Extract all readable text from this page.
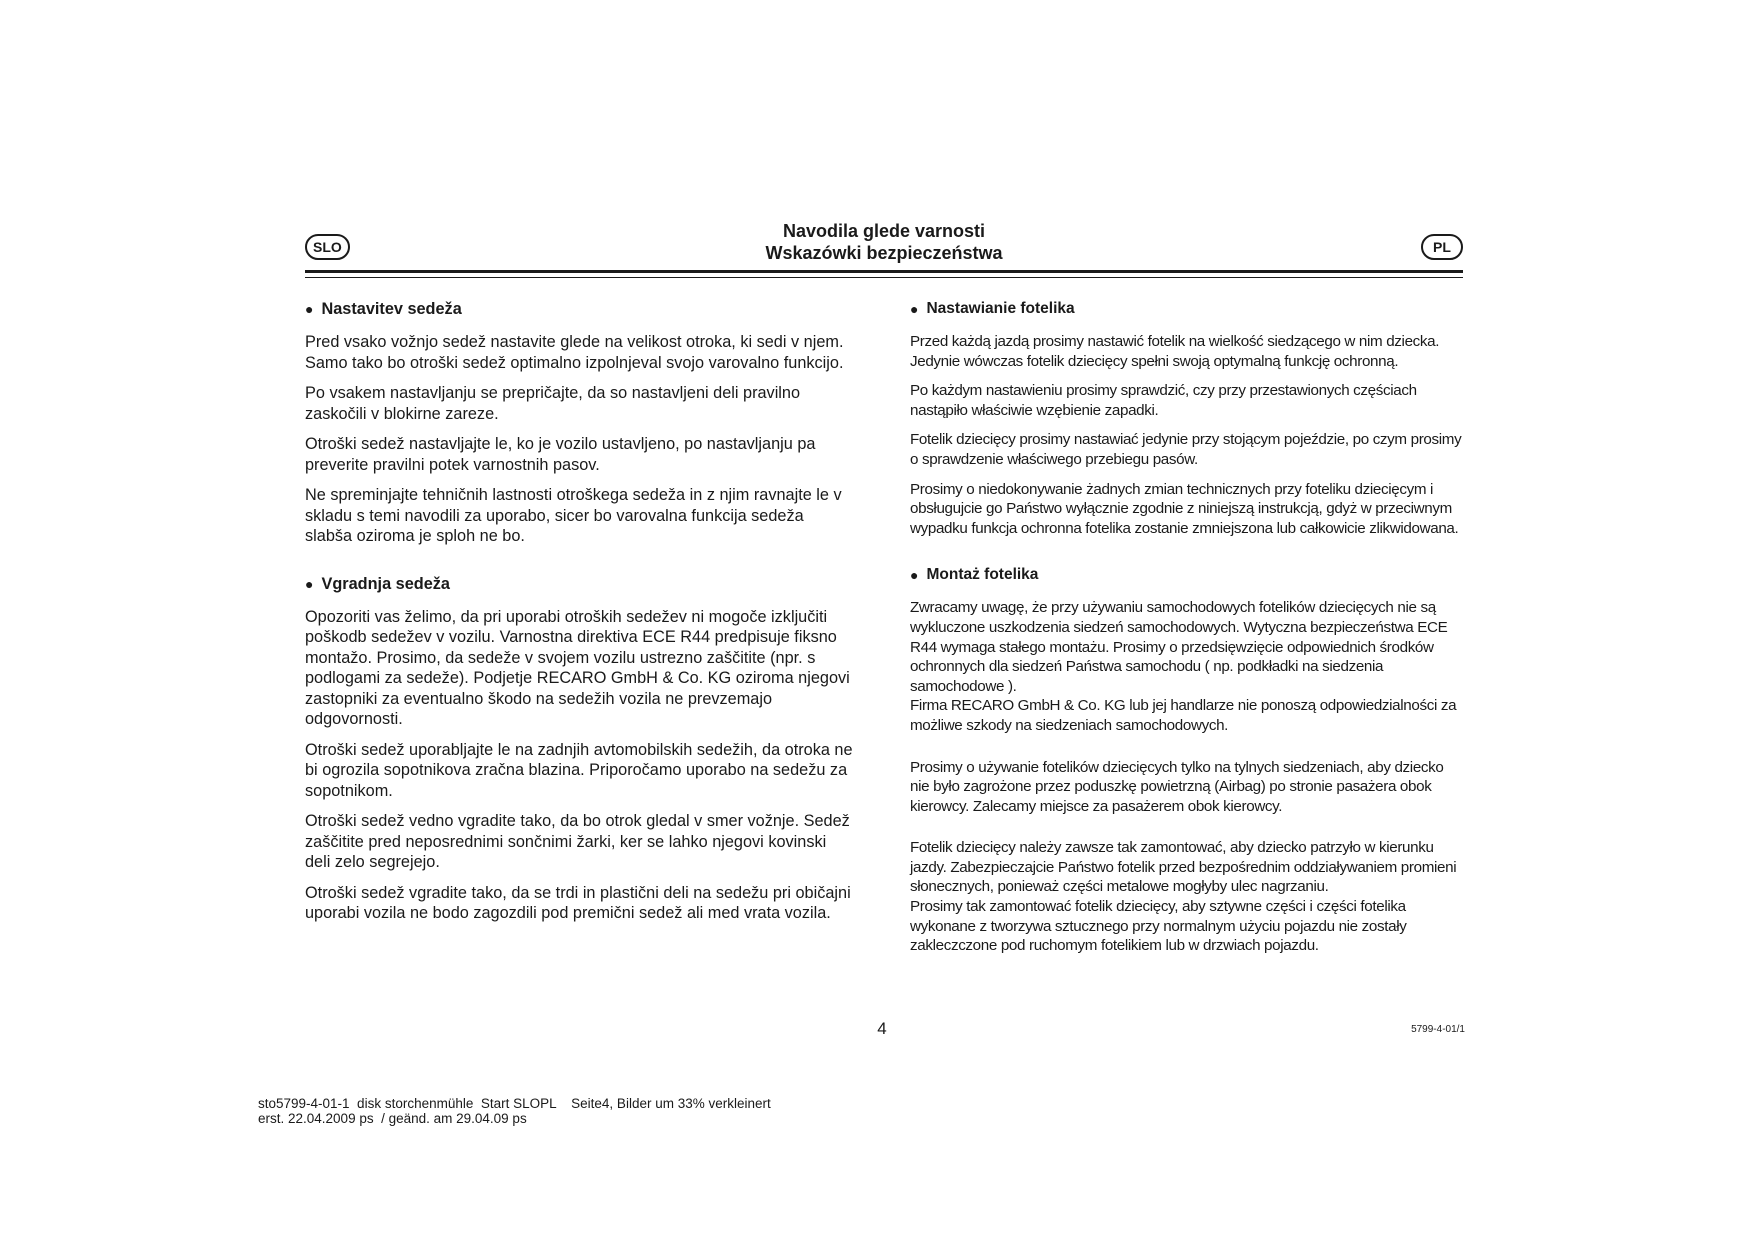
SLO
Navodila glede varnosti
Wskazówki bezpieczeństwa	PL
● Nastavitev sedeža

Pred vsako vožnjo sedež nastavite glede na velikost otroka, ki sedi v njem. Samo tako bo otroški sedež optimalno izpolnjeval svojo varovalno funkcijo.

Po vsakem nastavljanju se prepričajte, da so nastavljeni deli pravilno zaskočili v blokirne zareze.

Otroški sedež nastavljajte le, ko je vozilo ustavljeno, po nastavljanju pa preverite pravilni potek varnostnih pasov.

Ne spreminjajte tehničnih lastnosti otroškega sedeža in z njim ravnajte le v skladu s temi navodili za uporabo, sicer bo varovalna funkcija sedeža slabša oziroma je sploh ne bo.

● Vgradnja sedeža

Opozoriti vas želimo, da pri uporabi otroških sedežev ni mogoče izključiti poškodb sedežev v vozilu. Varnostna direktiva ECE R44 predpisuje fiksno montažo. Prosimo, da sedeže v svojem vozilu ustrezno zaščitite (npr. s podlogami za sedeže). Podjetje RECARO GmbH & Co. KG oziroma njegovi zastopniki za eventualno škodo na sedežih vozila ne prevzemajo odgovornosti.

Otroški sedež uporabljajte le na zadnjih avtomobilskih sedežih, da otroka ne bi ogrozila sopotnikova zračna blazina. Priporočamo uporabo na sedežu za sopotnikom.

Otroški sedež vedno vgradite tako, da bo otrok gledal v smer vožnje. Sedež zaščitite pred neposrednimi sončnimi žarki, ker se lahko njegovi kovinski deli zelo segrejejo.

Otroški sedež vgradite tako, da se trdi in plastični deli na sedežu pri običajni uporabi vozila ne bodo zagozdili pod premični sedež ali med vrata vozila.

● Nastawianie fotelika

Przed każdą jazdą prosimy nastawić fotelik na wielkość siedzącego w nim dziecka. Jedynie wówczas fotelik dziecięcy spełni swoją optymalną funkcję ochronną.

Po każdym nastawieniu prosimy sprawdzić, czy przy przestawionych częściach nastąpiło właściwie wzębienie zapadki.

Fotelik dziecięcy prosimy nastawiać jedynie przy stojącym pojeździe, po czym prosimy o sprawdzenie właściwego przebiegu pasów.

Prosimy o niedokonywanie żadnych zmian technicznych przy foteliku dziecięcym i obsługujcie go Państwo wyłącznie zgodnie z niniejszą instrukcją, gdyż w przeciwnym wypadku funkcja ochronna fotelika zostanie zmniejszona lub całkowicie zlikwidowana.

● Montaż fotelika

Zwracamy uwagę, że przy używaniu samochodowych fotelików dziecięcych nie są wykluczone uszkodzenia siedzeń samochodowych. Wytyczna bezpieczeństwa ECE R44 wymaga stałego montażu. Prosimy o przedsięwzięcie odpowiednich środków ochronnych dla siedzeń Państwa samochodu ( np. podkładki na siedzenia samochodowe ).

Firma RECARO GmbH & Co. KG lub jej handlarze nie ponoszą odpowiedzialności za możliwe szkody na siedzeniach samochodowych.

Prosimy o używanie fotelików dziecięcych tylko na tylnych siedzeniach, aby dziecko nie było zagrożone przez poduszkę powietrzną (Airbag) po stronie pasażera obok kierowcy. Zalecamy miejsce za pasażerem obok kierowcy.

Fotelik dziecięcy należy zawsze tak zamontować, aby dziecko patrzyło w kierunku jazdy. Zabezpieczajcie Państwo fotelik przed bezpośrednim oddziaływaniem promieni słonecznych, ponieważ części metalowe mogłyby ulec nagrzaniu.

Prosimy tak zamontować fotelik dziecięcy, aby sztywne części i części fotelika wykonane z tworzywa sztucznego przy normalnym użyciu pojazdu nie zostały zakleczczone pod ruchomym fotelikiem lub w drzwiach pojazdu.

4	5799-4-01/1
sto5799-4-01-1  disk storchenmühle  Start SLOPL    Seite4, Bilder um 33% verkleinert
erst. 22.04.2009 ps  / geänd. am 29.04.09 ps
